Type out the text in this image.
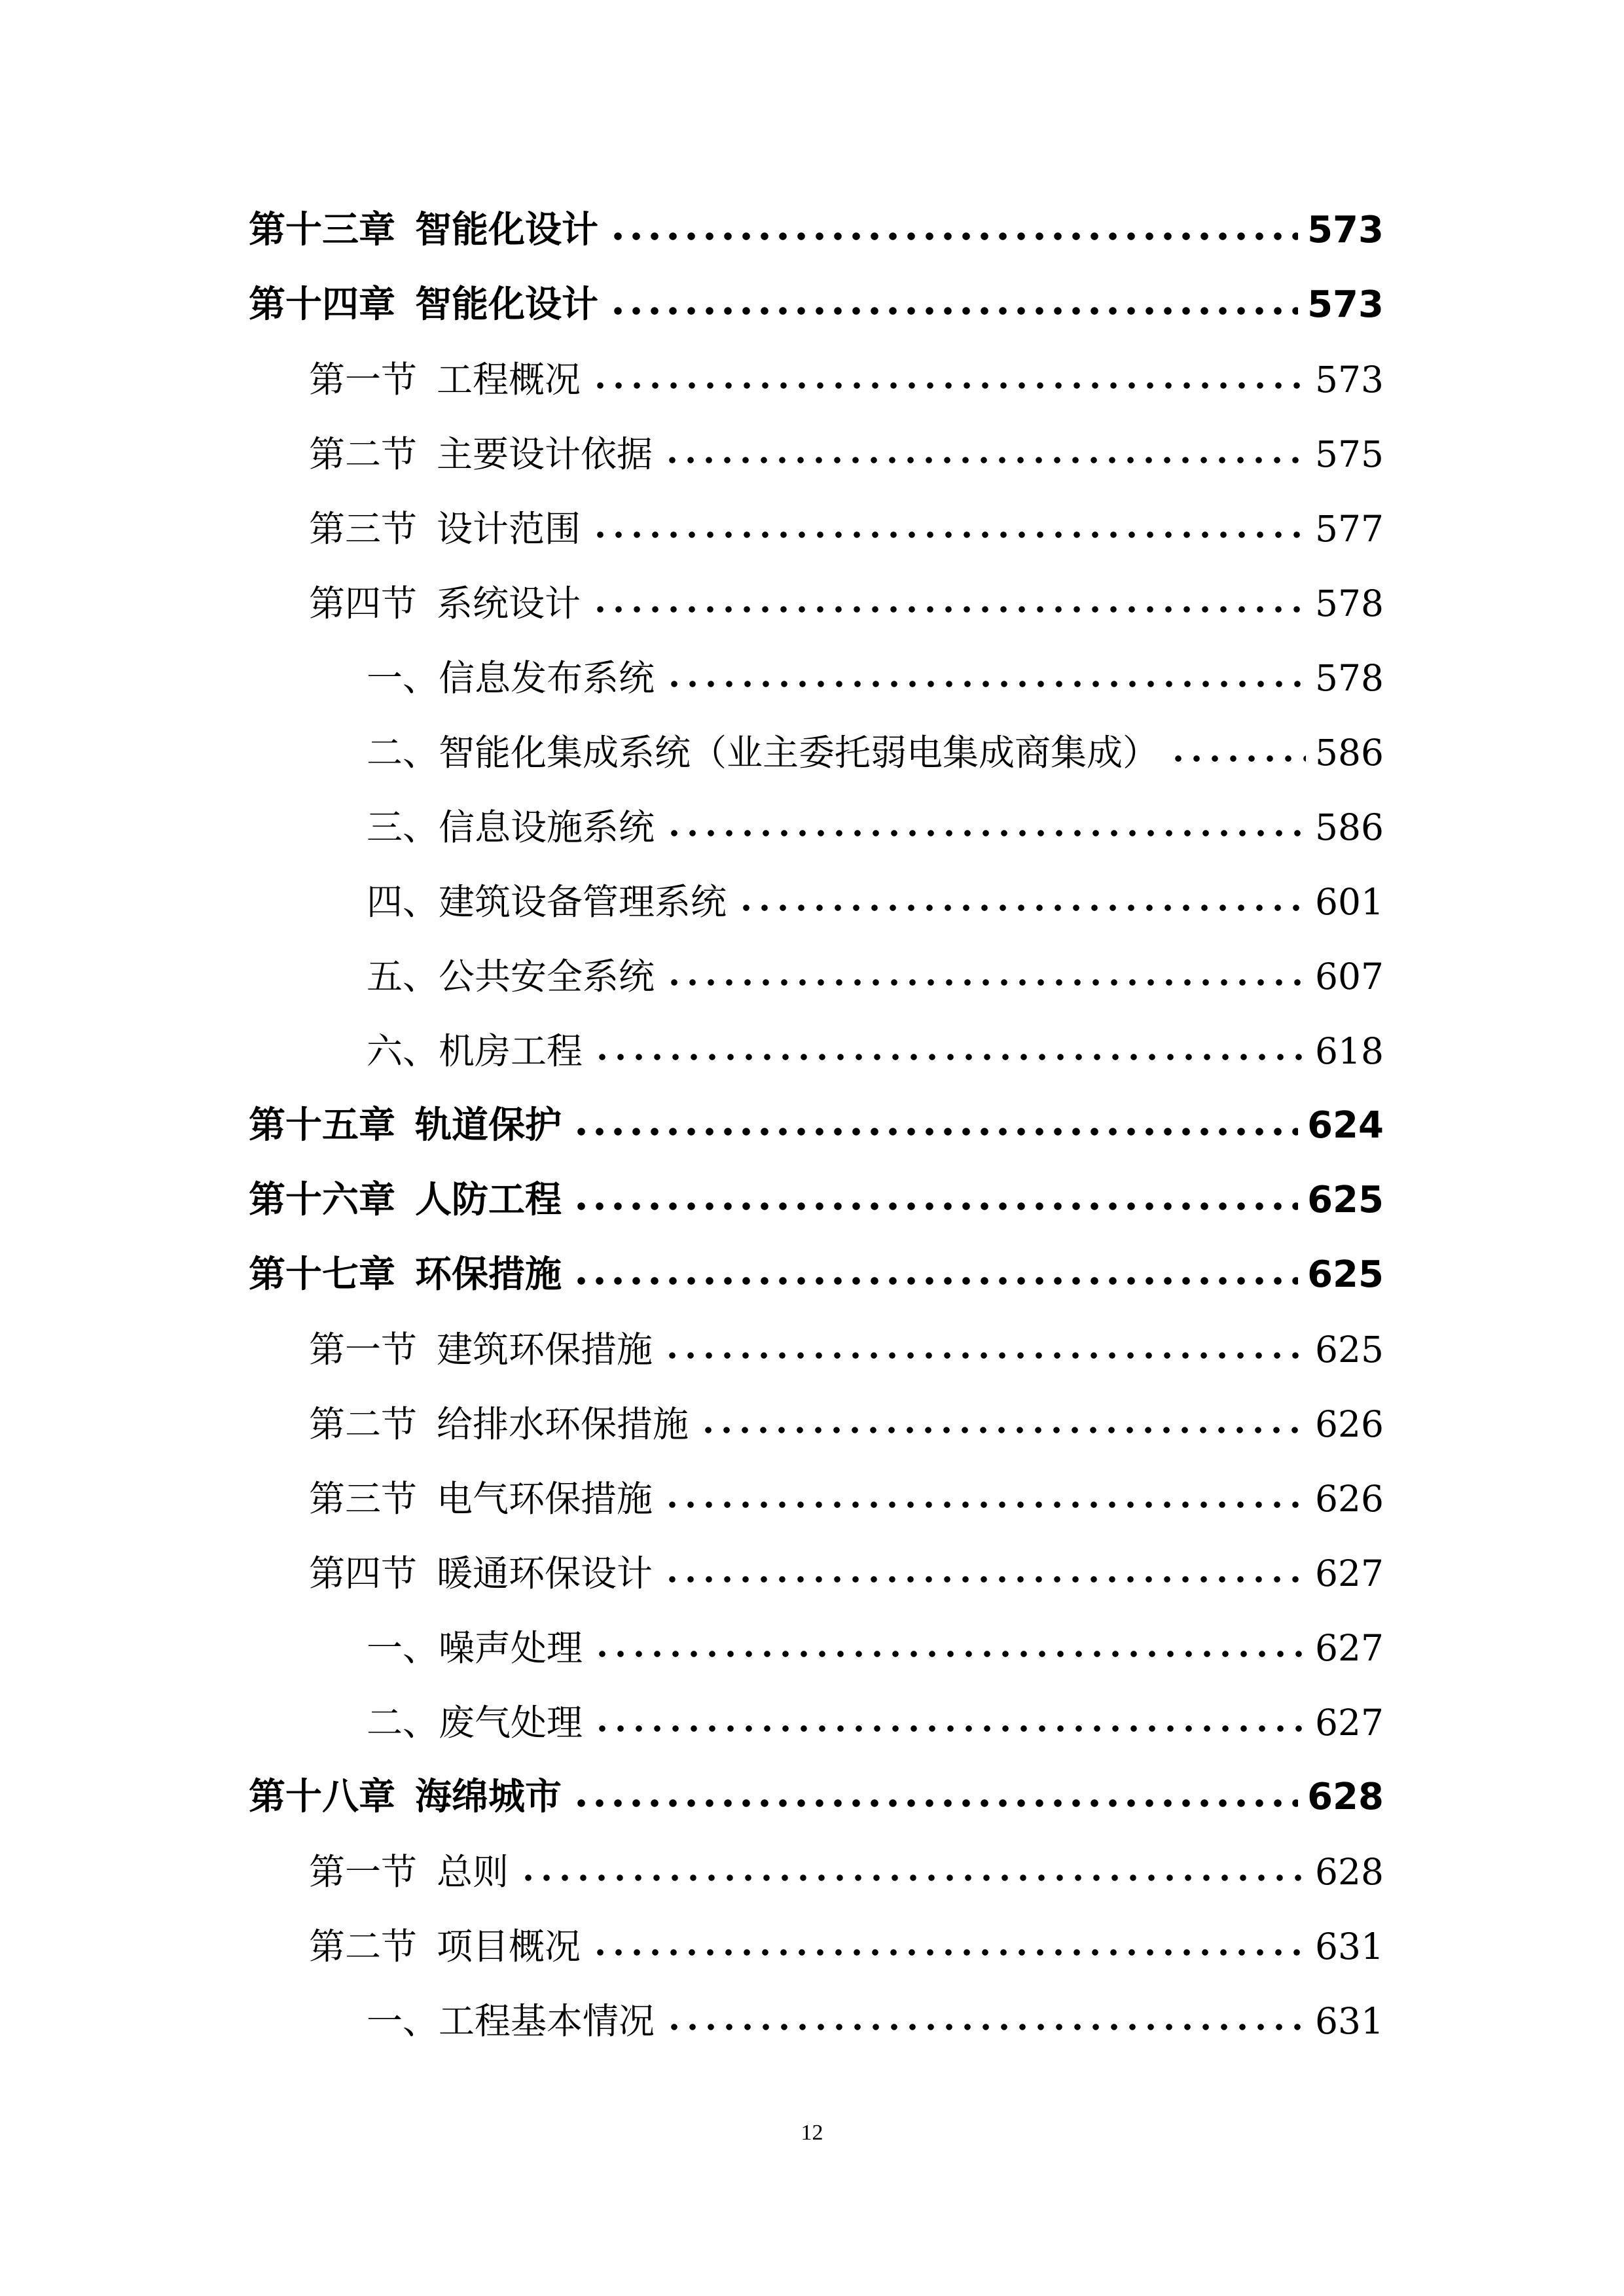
第十三章 智能化设计	573
第十四章 智能化设计	573
第一节 工程概况	573
第二节 主要设计依据	575
第三节 设计范围	577
第四节 系统设计	578
一、信息发布系统	578
二、智能化集成系统（业主委托弱电集成商集成）	586
三、信息设施系统	586
四、建筑设备管理系统	601
五、公共安全系统	607
六、机房工程	618
第十五章 轨道保护	624
第十六章 人防工程	625
第十七章 环保措施	625
第一节 建筑环保措施	625
第二节 给排水环保措施	626
第三节 电气环保措施	626
第四节 暖通环保设计	627
一、噪声处理	627
二、废气处理	627
第十八章 海绵城市	628
第一节 总则	628
第二节 项目概况	631
一、工程基本情况	631
12
